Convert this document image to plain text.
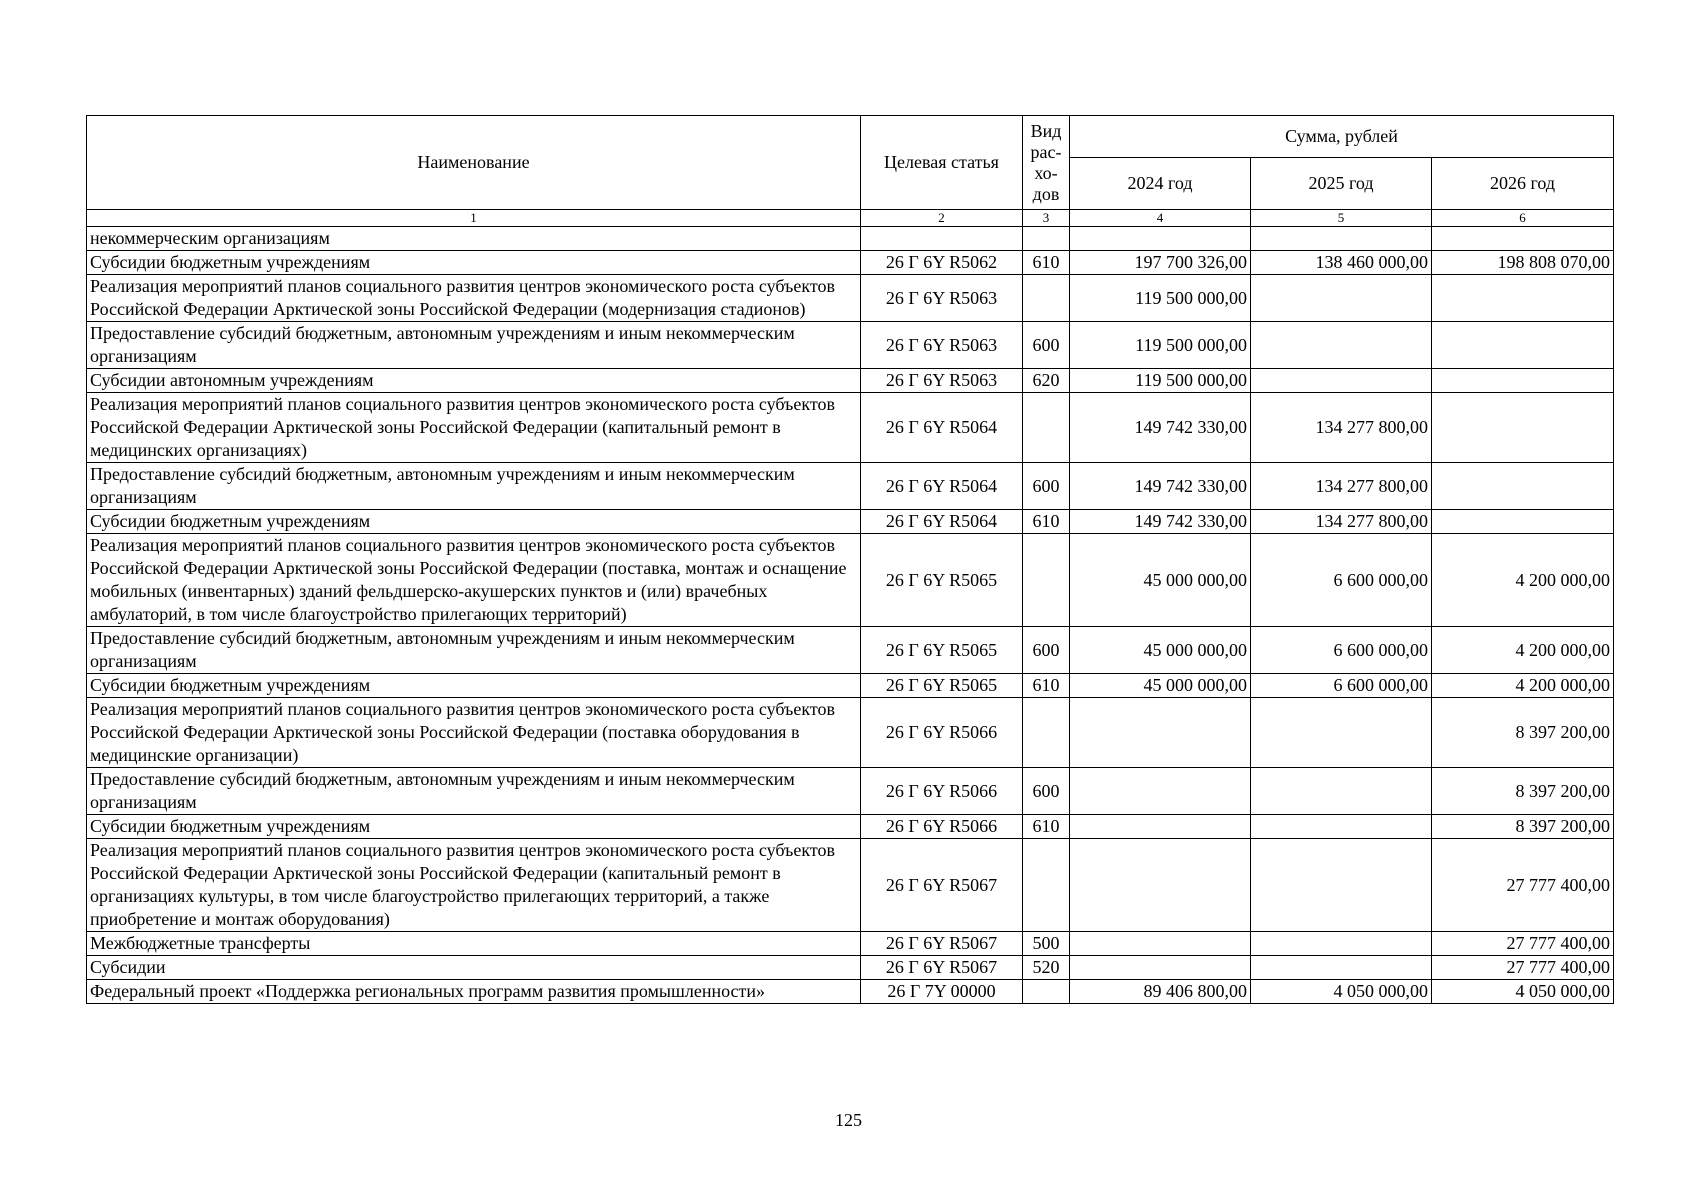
Наименование	Целевая статья	Вид
рас-
хо-
дов	Сумма, рублей		
			2024 год	2025 год	2026 год
1	2	3	4	5	6
некоммерческим организациям					
Субсидии бюджетным учреждениям	26 Г 6Y R5062	610	197 700 326,00	138 460 000,00	198 808 070,00
Реализация мероприятий планов социального развития центров экономического роста субъектов Российской Федерации Арктической зоны Российской Федерации (модернизация стадионов)	26 Г 6Y R5063		119 500 000,00		
Предоставление субсидий бюджетным, автономным учреждениям и иным некоммерческим организациям	26 Г 6Y R5063	600	119 500 000,00		
Субсидии автономным учреждениям	26 Г 6Y R5063	620	119 500 000,00		
Реализация мероприятий планов социального развития центров экономического роста субъектов Российской Федерации Арктической зоны Российской Федерации (капитальный ремонт в медицинских организациях)	26 Г 6Y R5064		149 742 330,00	134 277 800,00	
Предоставление субсидий бюджетным, автономным учреждениям и иным некоммерческим организациям	26 Г 6Y R5064	600	149 742 330,00	134 277 800,00	
Субсидии бюджетным учреждениям	26 Г 6Y R5064	610	149 742 330,00	134 277 800,00	
Реализация мероприятий планов социального развития центров экономического роста субъектов Российской Федерации Арктической зоны Российской Федерации (поставка, монтаж и оснащение мобильных (инвентарных) зданий фельдшерско-акушерских пунктов и (или) врачебных амбулаторий, в том числе благоустройство прилегающих территорий)	26 Г 6Y R5065		45 000 000,00	6 600 000,00	4 200 000,00
Предоставление субсидий бюджетным, автономным учреждениям и иным некоммерческим организациям	26 Г 6Y R5065	600	45 000 000,00	6 600 000,00	4 200 000,00
Субсидии бюджетным учреждениям	26 Г 6Y R5065	610	45 000 000,00	6 600 000,00	4 200 000,00
Реализация мероприятий планов социального развития центров экономического роста субъектов Российской Федерации Арктической зоны Российской Федерации (поставка оборудования в медицинские организации)	26 Г 6Y R5066				8 397 200,00
Предоставление субсидий бюджетным, автономным учреждениям и иным некоммерческим организациям	26 Г 6Y R5066	600			8 397 200,00
Субсидии бюджетным учреждениям	26 Г 6Y R5066	610			8 397 200,00
Реализация мероприятий планов социального развития центров экономического роста субъектов Российской Федерации Арктической зоны Российской Федерации (капитальный ремонт в организациях культуры, в том числе благоустройство прилегающих территорий, а также приобретение и монтаж оборудования)	26 Г 6Y R5067				27 777 400,00
Межбюджетные трансферты	26 Г 6Y R5067	500			27 777 400,00
Субсидии	26 Г 6Y R5067	520			27 777 400,00
Федеральный проект «Поддержка региональных программ развития промышленности»	26 Г 7Y 00000		89 406 800,00	4 050 000,00	4 050 000,00
125
